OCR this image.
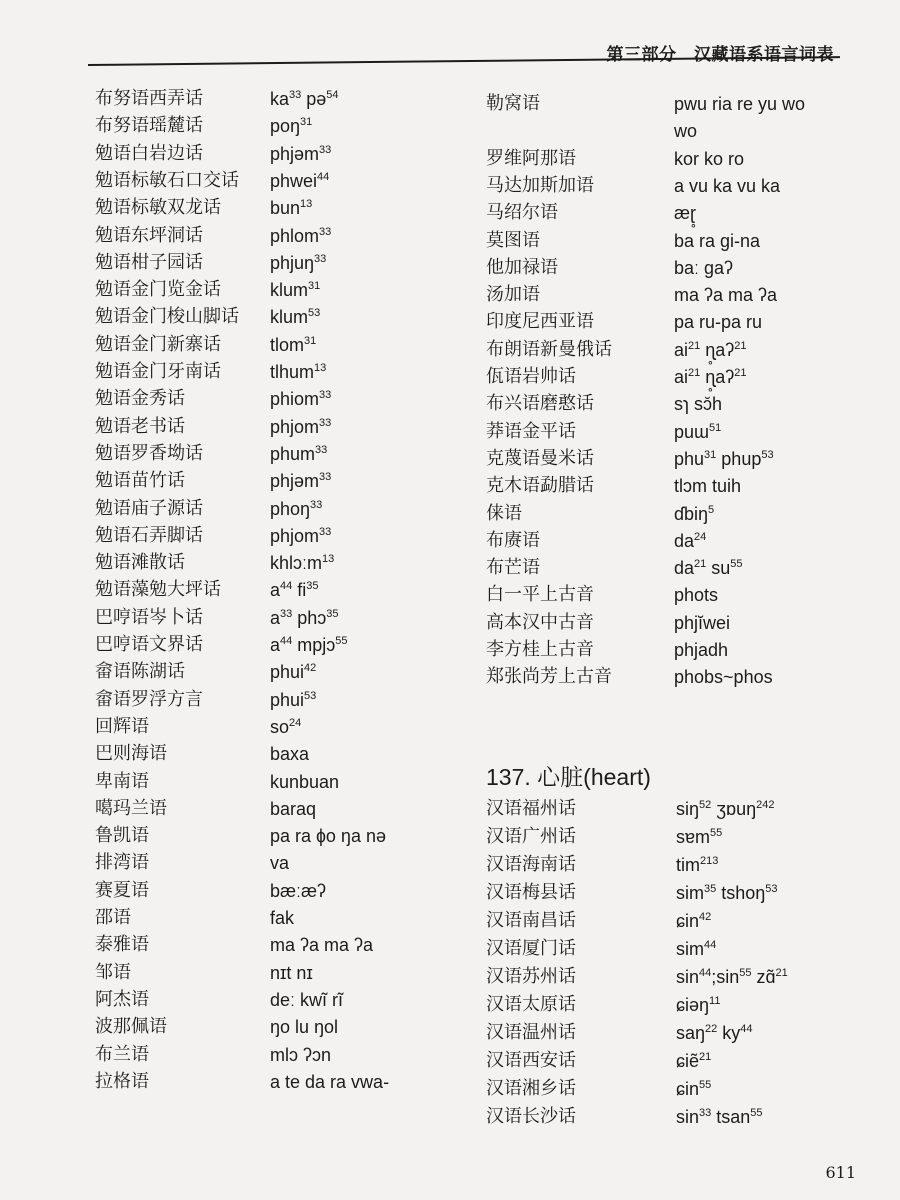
第三部分　汉藏语系语言词表
布努语西弄话	$ka^{33}$ pə$^{54}$
布努语瑶麓话	poŋ$^{31}$
勉语白岩边话	phjəm$^{33}$
勉语标敏石口交话 phwei$^{44}$
勉语标敏双龙话	bun$^{13}$
勉语东坪洞话	phlom$^{33}$
勉语柑子园话	phjuŋ$^{33}$
勉语金门览金话	klum$^{31}$
勉语金门梭山脚话 klum$^{53}$
勉语金门新寨话	tlom$^{31}$
勉语金门牙南话	tlhum$^{13}$
勉语金秀话	phiom$^{33}$
勉语老书话	phjom$^{33}$
勉语罗香坳话	phum$^{33}$
勉语苗竹话	phjəm$^{33}$
勉语庙子源话	phoŋ$^{33}$
勉语石弄脚话	phjom$^{33}$
勉语滩散话	khlɔːm$^{13}$
勉语藻勉大坪话	$a^{44}$ $fi^{35}$
巴哼语岑卜话	$a^{33}$ phɔ$^{35}$
巴哼语文界话	$a^{44}$ mpjɔ$^{55}$
畲语陈湖话	phui$^{42}$
畲语罗浮方言	phui$^{53}$
回辉语	$so^{24}$
巴则海语	baxa
卑南语	kunbuan
噶玛兰语	baraq
鲁凯语	pa ra ɸo ŋa nə
排湾语	va
赛夏语	bæːæʔ
邵语	fak
泰雅语	ma ʔa ma ʔa
邹语	nɪt nɪ
阿杰语	deː kwĩ rĩ
波那佩语	ŋo lu ŋol
布兰语	mlɔ ʔɔn
拉格语	a te da ra vwa-
勒窝语	pwu ria re yu wo
wo
罗维阿那语	kor ko ro
马达加斯加语	a vu ka vu ka
马绍尔语	æɽ̥
莫图语	ba ra gi-na
他加禄语	baː gaʔ
汤加语	ma ʔa ma ʔa
印度尼西亚语	pa ru-pa ru
布朗语新曼俄话	$ai^{21}$ ɳ̥aʔ$^{21}$
佤语岩帅话	$ai^{21}$ ɳ̥aʔ$^{21}$
布兴语磨憨话	sɿ sɔ̆h
莽语金平话	puɯ$^{51}$
克蔑语曼米话	phu$^{31}$ phup$^{53}$
克木语勐腊话	tlɔm tuih
俫语	ɗbiŋ$^5$
布赓语	$da^{24}$
布芒语	$da^{21}$ $su^{55}$
白一平上古音	phots
高本汉中古音	phjĭwei
李方桂上古音	phjadh
郑张尚芳上古音	phobs~phos
137. 心脏(heart)
汉语福州话	siŋ$^{52}$ ʒɒuŋ$^{242}$
汉语广州话	sɐm$^{55}$
汉语海南话	tim$^{213}$
汉语梅县话	sim$^{35}$ tshoŋ$^{53}$
汉语南昌话	ɕin$^{42}$
汉语厦门话	sim$^{44}$
汉语苏州话	$\sin^{44};\sin^{55}$ zɑ̃$^{21}$
汉语太原话	ɕiəŋ$^{11}$
汉语温州话	saŋ$^{22}$ $ky^{44}$
汉语西安话	ɕiẽ$^{21}$
汉语湘乡话	ɕin$^{55}$
汉语长沙话	$\sin^{33}$ tsan$^{55}$
611
